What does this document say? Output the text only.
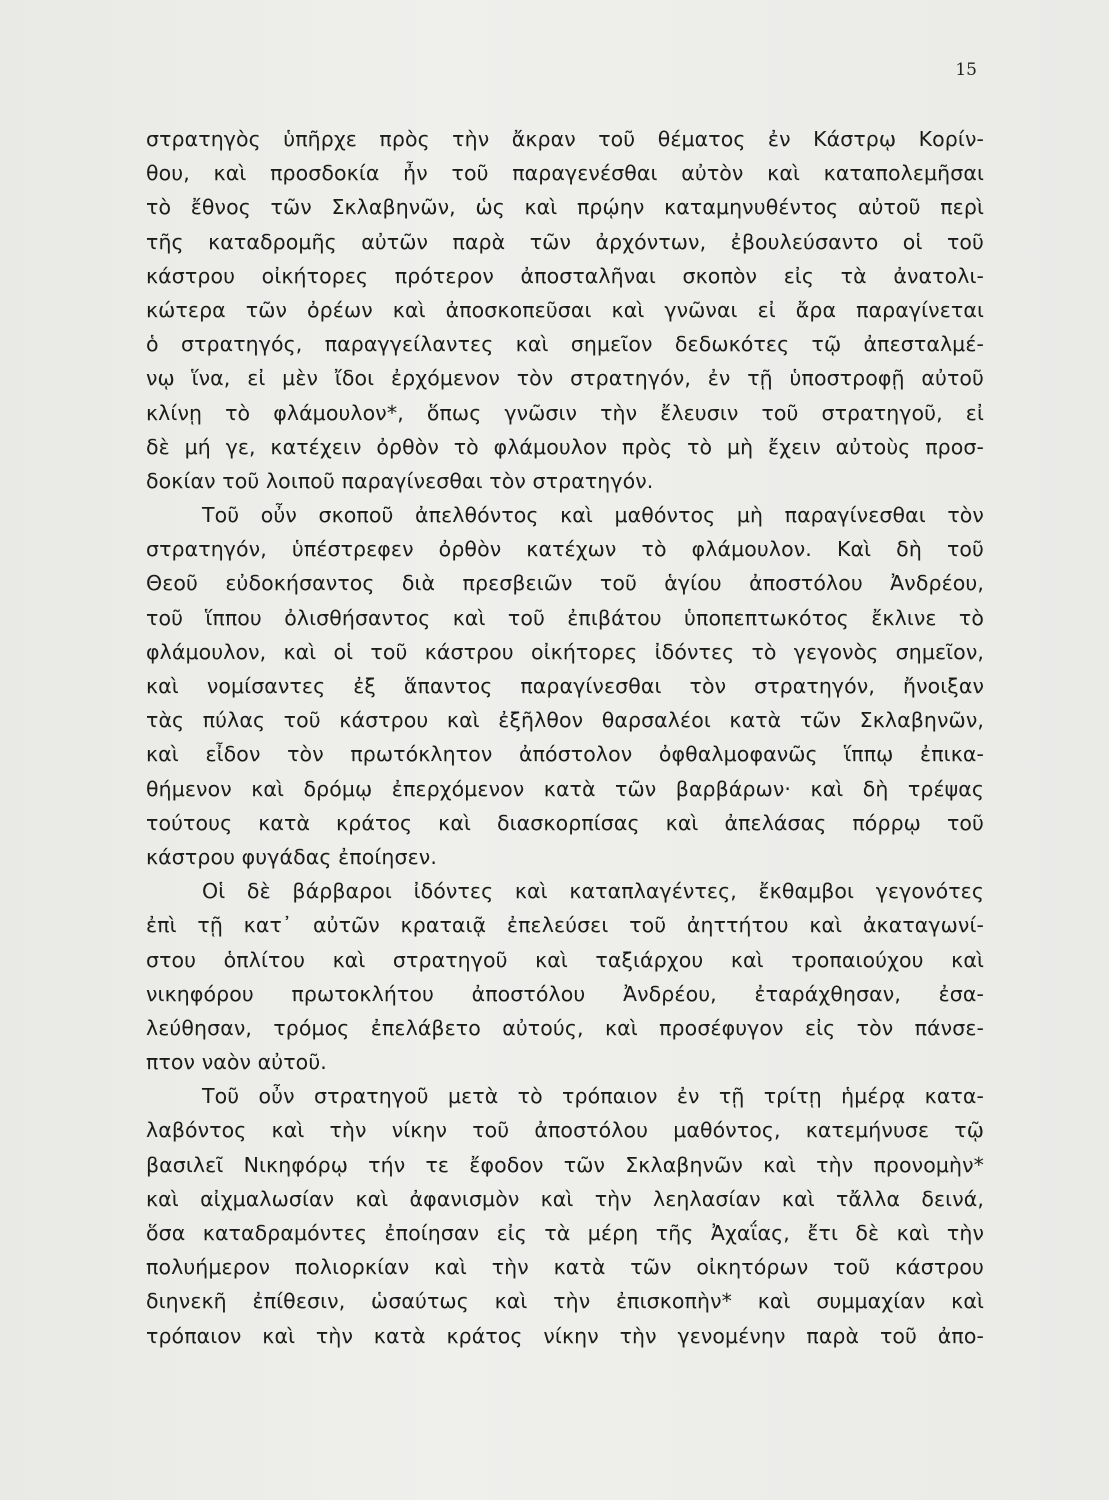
15
στρατηγὸς ὑπῆρχε πρὸς τὴν ἄκραν τοῦ θέματος ἐν Κάστρῳ Κορίν-
θου, καὶ προσδοκία ἦν τοῦ παραγενέσθαι αὐτὸν καὶ καταπολεμῆσαι
τὸ ἔθνος τῶν Σκλαβηνῶν, ὡς καὶ πρῴην καταμηνυθέντος αὐτοῦ περὶ
τῆς καταδρομῆς αὐτῶν παρὰ τῶν ἀρχόντων, ἐβουλεύσαντο οἱ τοῦ
κάστρου οἰκήτορες πρότερον ἀποσταλῆναι σκοπὸν εἰς τὰ ἀνατολι-
κώτερα τῶν ὀρέων καὶ ἀποσκοπεῦσαι καὶ γνῶναι εἰ ἄρα παραγίνεται
ὁ στρατηγός, παραγγείλαντες καὶ σημεῖον δεδωκότες τῷ ἀπεσταλμέ-
νῳ ἵνα, εἰ μὲν ἴδοι ἐρχόμενον τὸν στρατηγόν, ἐν τῇ ὑποστροφῇ αὐτοῦ
κλίνῃ τὸ φλάμουλον*, ὅπως γνῶσιν τὴν ἔλευσιν τοῦ στρατηγοῦ, εἰ
δὲ μή γε, κατέχειν ὀρθὸν τὸ φλάμουλον πρὸς τὸ μὴ ἔχειν αὐτοὺς προσ-
δοκίαν τοῦ λοιποῦ παραγίνεσθαι τὸν στρατηγόν.
Τοῦ οὖν σκοποῦ ἀπελθόντος καὶ μαθόντος μὴ παραγίνεσθαι τὸν
στρατηγόν, ὑπέστρεφεν ὀρθὸν κατέχων τὸ φλάμουλον. Καὶ δὴ τοῦ
Θεοῦ εὐδοκήσαντος διὰ πρεσβειῶν τοῦ ἁγίου ἀποστόλου Ἀνδρέου,
τοῦ ἵππου ὀλισθήσαντος καὶ τοῦ ἐπιβάτου ὑποπεπτωκότος ἔκλινε τὸ
φλάμουλον, καὶ οἱ τοῦ κάστρου οἰκήτορες ἰδόντες τὸ γεγονὸς σημεῖον,
καὶ νομίσαντες ἐξ ἅπαντος παραγίνεσθαι τὸν στρατηγόν, ἤνοιξαν
τὰς πύλας τοῦ κάστρου καὶ ἐξῆλθον θαρσαλέοι κατὰ τῶν Σκλαβηνῶν,
καὶ εἶδον τὸν πρωτόκλητον ἀπόστολον ὀφθαλμοφανῶς ἵππῳ ἐπικα-
θήμενον καὶ δρόμῳ ἐπερχόμενον κατὰ τῶν βαρβάρων· καὶ δὴ τρέψας
τούτους κατὰ κράτος καὶ διασκορπίσας καὶ ἀπελάσας πόρρῳ τοῦ
κάστρου φυγάδας ἐποίησεν.
Οἱ δὲ βάρβαροι ἰδόντες καὶ καταπλαγέντες, ἔκθαμβοι γεγονότες
ἐπὶ τῇ κατ᾽ αὐτῶν κραταιᾷ ἐπελεύσει τοῦ ἀηττήτου καὶ ἀκαταγωνί-
στου ὁπλίτου καὶ στρατηγοῦ καὶ ταξιάρχου καὶ τροπαιούχου καὶ
νικηφόρου πρωτοκλήτου ἀποστόλου Ἀνδρέου, ἐταράχθησαν, ἐσα-
λεύθησαν, τρόμος ἐπελάβετο αὐτούς, καὶ προσέφυγον εἰς τὸν πάνσε-
πτον ναὸν αὐτοῦ.
Τοῦ οὖν στρατηγοῦ μετὰ τὸ τρόπαιον ἐν τῇ τρίτῃ ἡμέρᾳ κατα-
λαβόντος καὶ τὴν νίκην τοῦ ἀποστόλου μαθόντος, κατεμήνυσε τῷ
βασιλεῖ Νικηφόρῳ τήν τε ἔφοδον τῶν Σκλαβηνῶν καὶ τὴν προνομὴν*
καὶ αἰχμαλωσίαν καὶ ἀφανισμὸν καὶ τὴν λεηλασίαν καὶ τἄλλα δεινά,
ὅσα καταδραμόντες ἐποίησαν εἰς τὰ μέρη τῆς Ἀχαΐας, ἔτι δὲ καὶ τὴν
πολυήμερον πολιορκίαν καὶ τὴν κατὰ τῶν οἰκητόρων τοῦ κάστρου
διηνεκῆ ἐπίθεσιν, ὡσαύτως καὶ τὴν ἐπισκοπὴν* καὶ συμμαχίαν καὶ
τρόπαιον καὶ τὴν κατὰ κράτος νίκην τὴν γενομένην παρὰ τοῦ ἀπο-
